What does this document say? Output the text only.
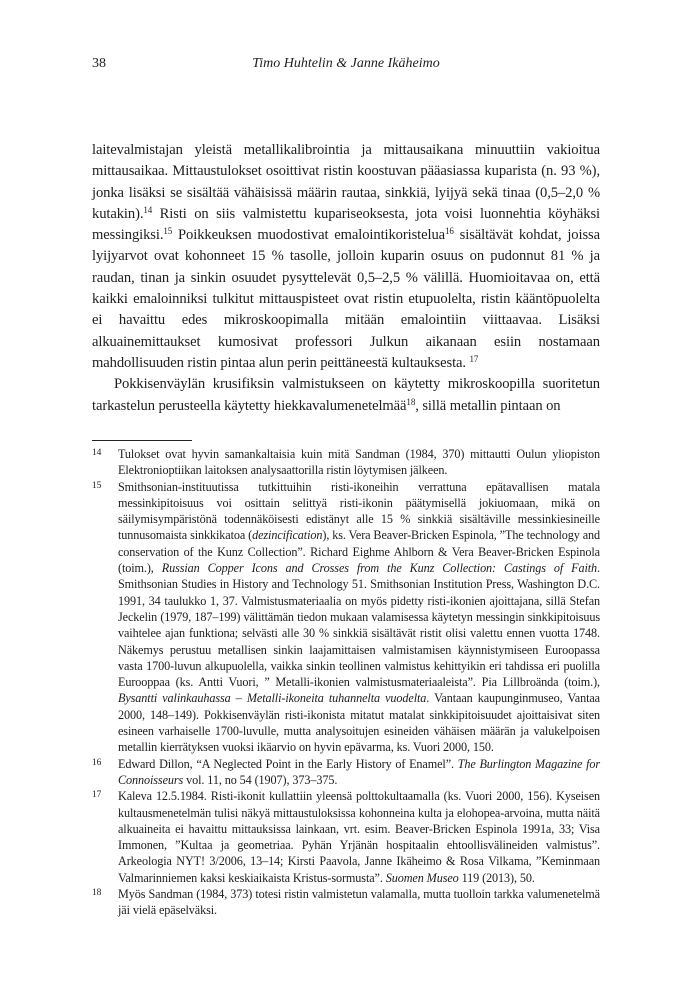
38	Timo Huhtelin & Janne Ikäheimo

laitevalmistajan yleistä metallikalibrointia ja mittausaikana minuuttiin vakioitua mittausaikaa. Mittaustulokset osoittivat ristin koostuvan pääasiassa kuparista (n. 93 %), jonka lisäksi se sisältää vähäisissä määrin rautaa, sinkkiä, lyijyä sekä tinaa (0,5–2,0 % kutakin).$^{14}$ Risti on siis valmistettu kupariseoksesta, jota voisi luonnehtia köyhäksi messingiksi.$^{15}$ Poikkeuksen muodostivat emalointikoristelua$^{16}$ sisältävät kohdat, joissa lyijyarvot ovat kohonneet 15 % tasolle, jolloin kuparin osuus on pudonnut 81 % ja raudan, tinan ja sinkin osuudet pysyttelevät 0,5–2,5 % välillä. Huomioitavaa on, että kaikki emaloinniksi tulkitut mittauspisteet ovat ristin etupuolelta, ristin kääntöpuolelta ei havaittu edes mikroskoopimalla mitään emalointiin viittaavaa. Lisäksi alkuainemittaukset kumosivat professori Julkun aikanaan esiin nostamaan mahdollisuuden ristin pintaa alun perin peittäneestä kultauksesta. $^{17}$

Pokkisenväylän krusifiksin valmistukseen on käytetty mikroskoopilla suoritetun tarkastelun perusteella käytetty hiekkavalumenetelmää$^{18}$, sillä metallin pintaan on

14	Tulokset ovat hyvin samankaltaisia kuin mitä Sandman (1984, 370) mittautti Oulun yliopiston Elektronioptiikan laitoksen analysaattorilla ristin löytymisen jälkeen.
15	Smithsonian-instituutissa tutkittuihin risti-ikoneihin verrattuna epätavallisen matala messinkipitoisuus voi osittain selittyä risti-ikonin päätymisellä jokiuomaan, mikä on säilymisympäristönä todennäköisesti edistänyt alle 15 % sinkkiä sisältäville messinkiesineille tunnusomaista sinkkikatoa (dezincification), ks. Vera Beaver-Bricken Espinola, ”The technology and conservation of the Kunz Collection”. Richard Eighme Ahlborn & Vera Beaver-Bricken Espinola (toim.), Russian Copper Icons and Crosses from the Kunz Collection: Castings of Faith. Smithsonian Studies in History and Technology 51. Smithsonian Institution Press, Washington D.C. 1991, 34 taulukko 1, 37. Valmistusmateriaalia on myös pidetty risti-ikonien ajoittajana, sillä Stefan Jeckelin (1979, 187–199) välittämän tiedon mukaan valamisessa käytetyn messingin sinkkipitoisuus vaihtelee ajan funktiona; selvästi alle 30 % sinkkiä sisältävät ristit olisi valettu ennen vuotta 1748. Näkemys perustuu metallisen sinkin laajamittaisen valmistamisen käynnistymiseen Euroopassa vasta 1700-luvun alkupuolella, vaikka sinkin teollinen valmistus kehittyikin eri tahdissa eri puolilla Eurooppaa (ks. Antti Vuori, ” Metalli-ikonien valmistusmateriaaleista”. Pia Lillbroända (toim.), Bysantti valinkauhassa – Metalli-ikoneita tuhannelta vuodelta. Vantaan kaupunginmuseo, Vantaa 2000, 148–149). Pokkisenväylän risti-ikonista mitatut matalat sinkkipitoisuudet ajoittaisivat siten esineen varhaiselle 1700-luvulle, mutta analysoitujen esineiden vähäisen määrän ja valukelpoisen metallin kierrätyksen vuoksi ikäarvio on hyvin epävarma, ks. Vuori 2000, 150.
16	Edward Dillon, “A Neglected Point in the Early History of Enamel”. The Burlington Magazine for Connoisseurs vol. 11, no 54 (1907), 373–375.
17	Kaleva 12.5.1984. Risti-ikonit kullattiin yleensä polttokultaamalla (ks. Vuori 2000, 156). Kyseisen kultausmenetelmän tulisi näkyä mittaustuloksissa kohonneina kulta ja elohopea-arvoina, mutta näitä alkuaineita ei havaittu mittauksissa lainkaan, vrt. esim. Beaver-Bricken Espinola 1991a, 33; Visa Immonen, ”Kultaa ja geometriaa. Pyhän Yrjänän hospitaalin ehtoollisvälineiden valmistus”. Arkeologia NYT! 3/2006, 13–14; Kirsti Paavola, Janne Ikäheimo & Rosa Vilkama, ”Keminmaan Valmarinniemen kaksi keskiaikaista Kristus-sormusta”. Suomen Museo 119 (2013), 50.
18	Myös Sandman (1984, 373) totesi ristin valmistetun valamalla, mutta tuolloin tarkka valumenetelmä jäi vielä epäselväksi.
